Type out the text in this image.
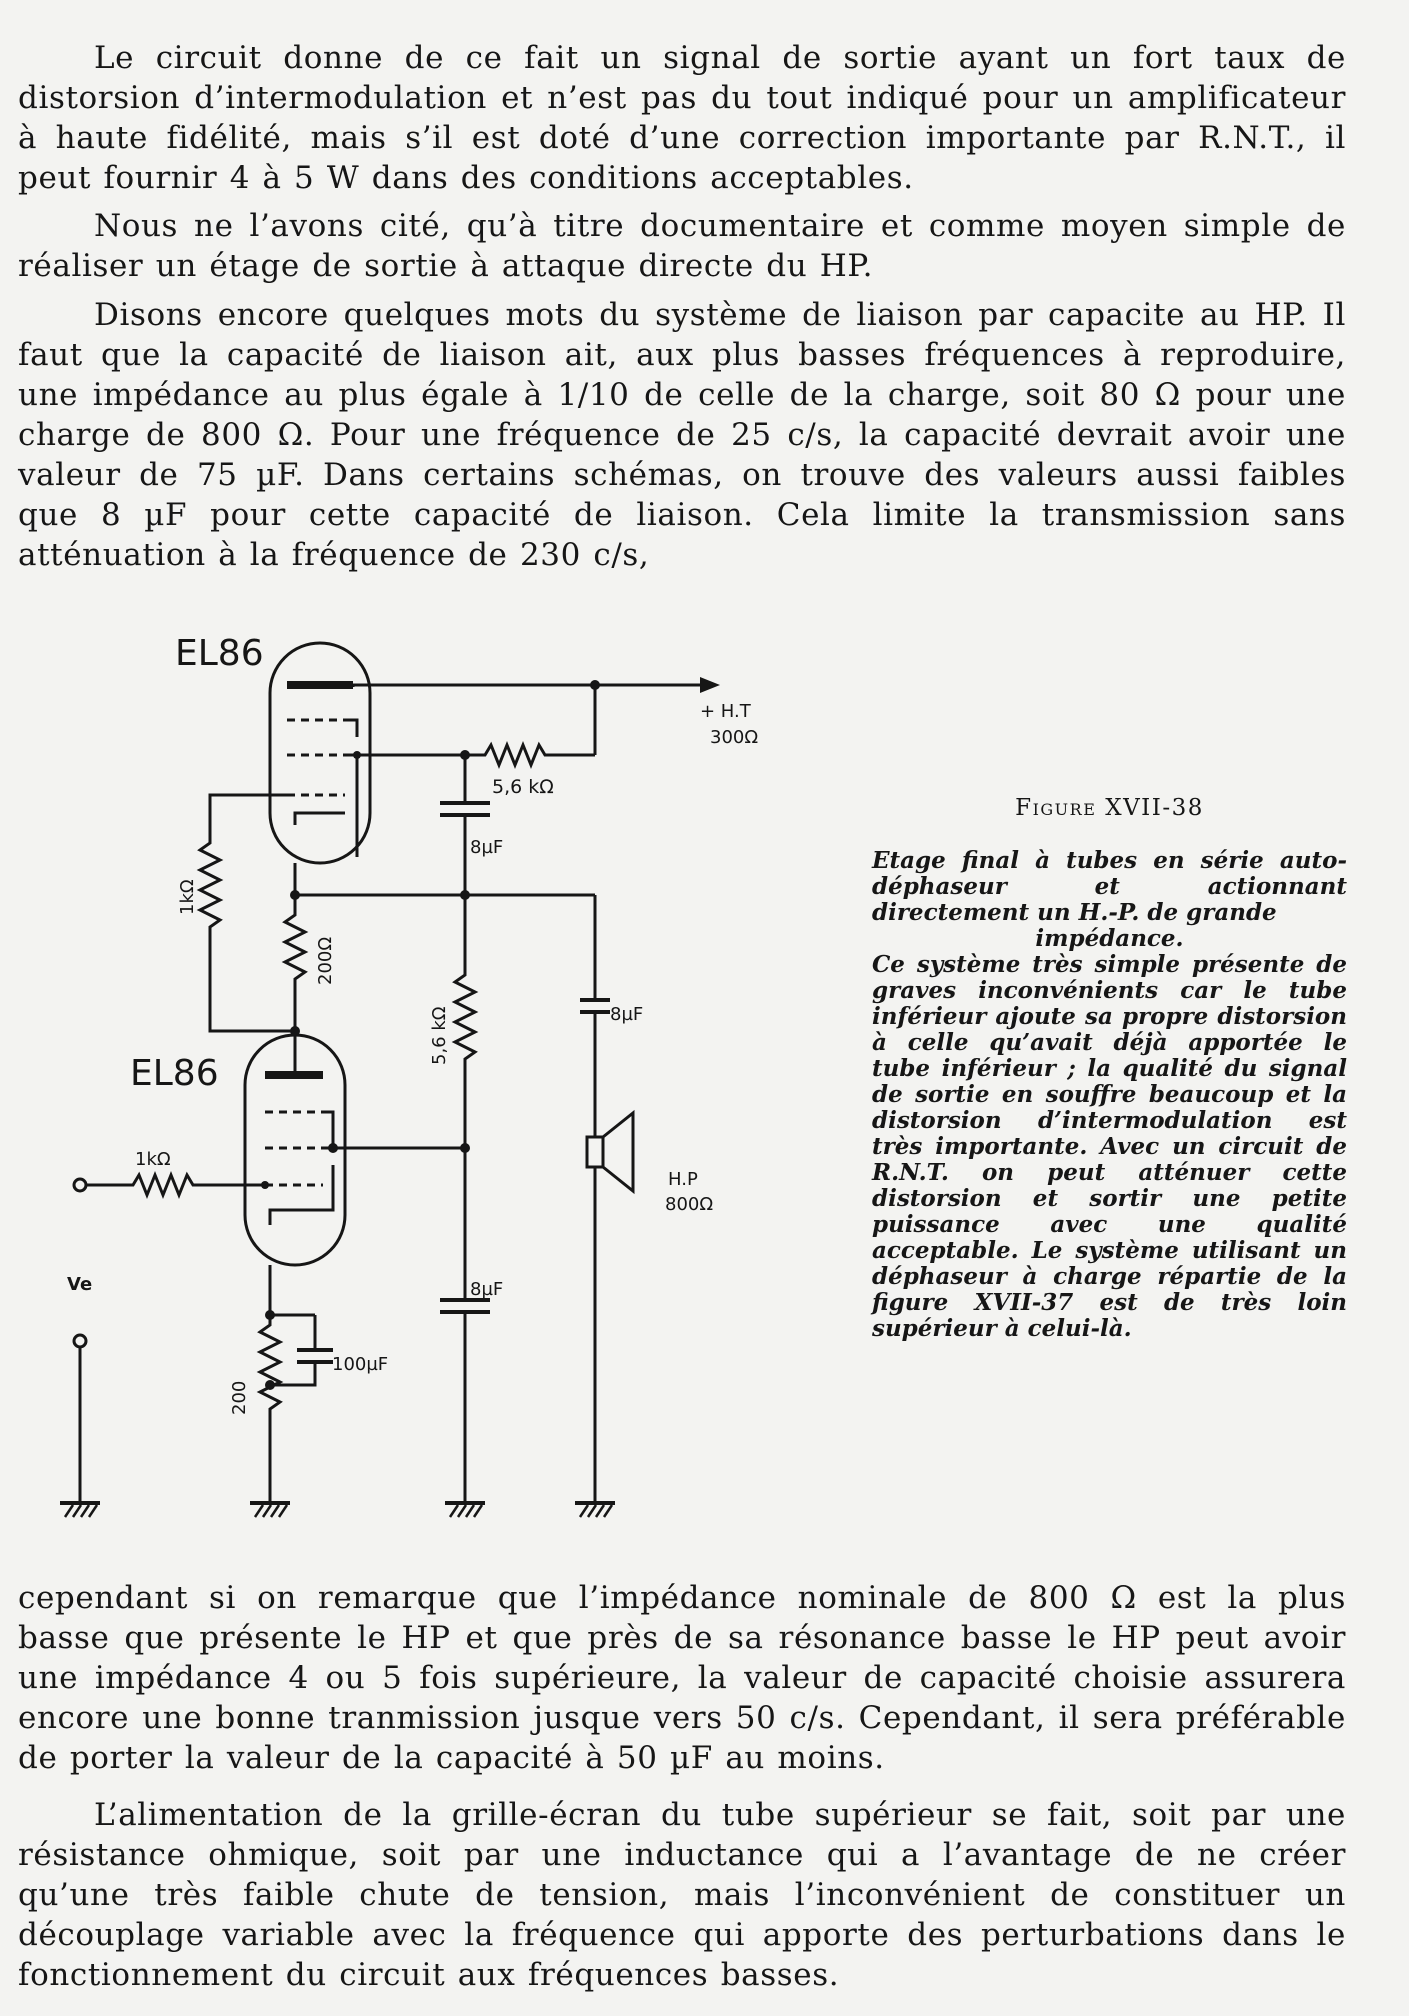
Le circuit donne de ce fait un signal de sortie ayant un fort taux de distorsion d’intermodulation et n’est pas du tout indiqué pour un amplificateur à haute fidélité, mais s’il est doté d’une correction importante par R.N.T., il peut fournir 4 à 5 W dans des conditions acceptables.

Nous ne l’avons cité, qu’à titre documentaire et comme moyen simple de réaliser un étage de sortie à attaque directe du HP.

Disons encore quelques mots du système de liaison par capacite au HP. Il faut que la capacité de liaison ait, aux plus basses fréquences à reproduire, une impédance au plus égale à 1/10 de celle de la charge, soit 80 Ω pour une charge de 800 Ω. Pour une fréquence de 25 c/s, la capacité devrait avoir une valeur de 75 µF. Dans certains schémas, on trouve des valeurs aussi faibles que 8 µF pour cette capacité de liaison. Cela limite la transmission sans atténuation à la fréquence de 230 c/s,

EL86
EL86
+ H.T
300Ω
5,6 kΩ
8µF
1kΩ
200Ω
5,6 kΩ	8µF
H.P
800Ω
1kΩ
Ve	8µF
200
100µF
Figure XVII-38

Etage final à tubes en série auto-déphaseur et actionnant directement un H.-P. de grande
impédance.
Ce système très simple présente de graves inconvénients car le tube inférieur ajoute sa propre distorsion à celle qu’avait déjà apportée le tube inférieur ; la qualité du signal de sortie en souffre beaucoup et la distorsion d’intermodulation est très importante. Avec un circuit de R.N.T. on peut atténuer cette distorsion et sortir une petite puissance avec une qualité acceptable. Le système utilisant un déphaseur à charge répartie de la figure XVII-37 est de très loin supérieur à celui-là.

cependant si on remarque que l’impédance nominale de 800 Ω est la plus basse que présente le HP et que près de sa résonance basse le HP peut avoir une impédance 4 ou 5 fois supérieure, la valeur de capacité choisie assurera encore une bonne tranmission jusque vers 50 c/s. Cependant, il sera préférable de porter la valeur de la capacité à 50 µF au moins.

L’alimentation de la grille-écran du tube supérieur se fait, soit par une résistance ohmique, soit par une inductance qui a l’avantage de ne créer qu’une très faible chute de tension, mais l’inconvénient de constituer un découplage variable avec la fréquence qui apporte des perturbations dans le fonctionnement du circuit aux fréquences basses.
